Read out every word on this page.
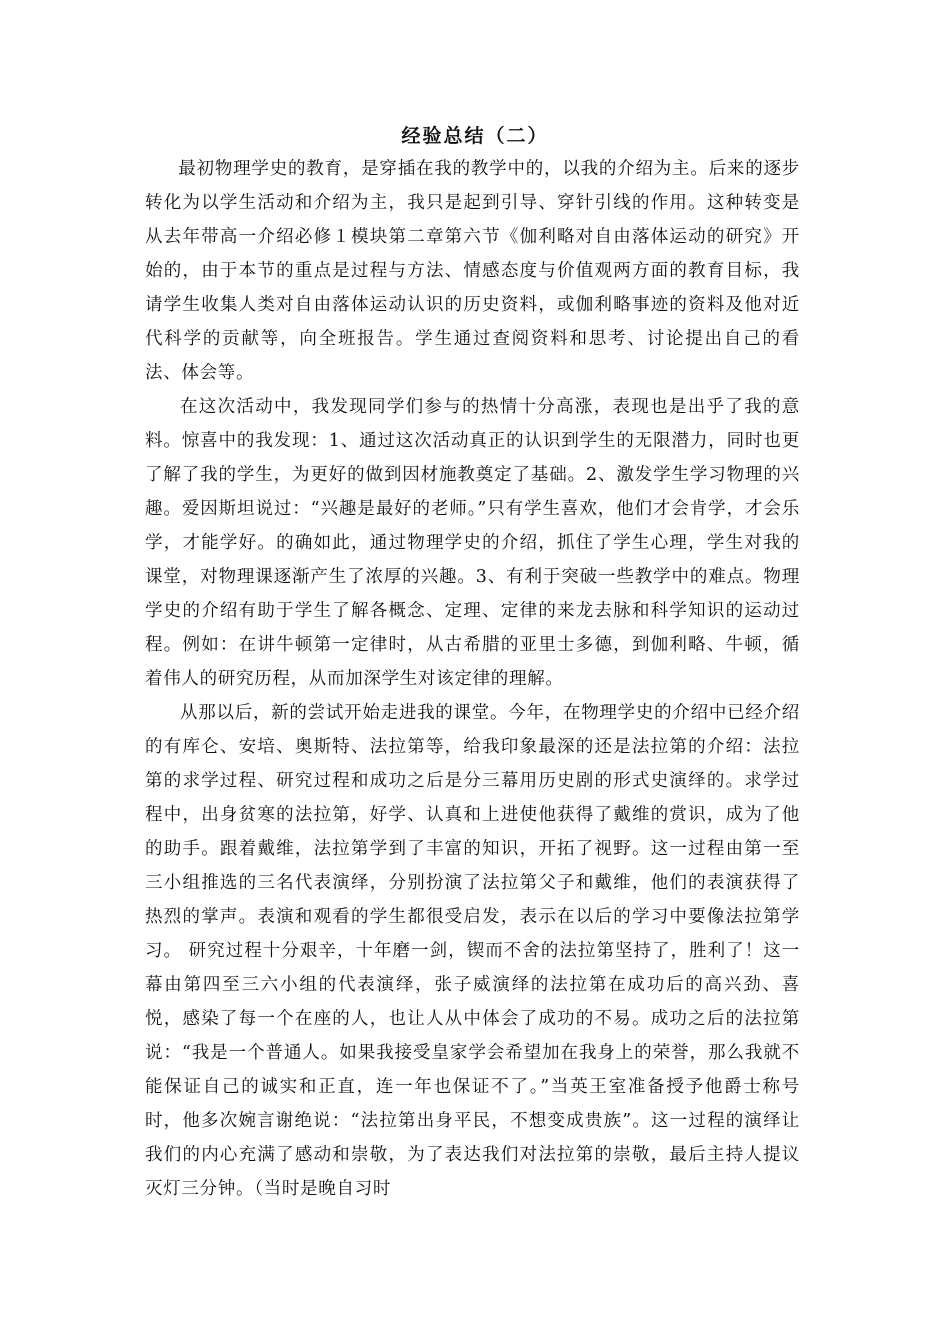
经验总结（二）

最初物理学史的教育，是穿插在我的教学中的，以我的介绍为主。后来的逐步转化为以学生活动和介绍为主，我只是起到引导、穿针引线的作用。这种转变是从去年带高一介绍必修１模块第二章第六节《伽利略对自由落体运动的研究》开始的，由于本节的重点是过程与方法、情感态度与价值观两方面的教育目标，我请学生收集人类对自由落体运动认识的历史资料，或伽利略事迹的资料及他对近代科学的贡献等，向全班报告。学生通过查阅资料和思考、讨论提出自己的看法、体会等。

在这次活动中，我发现同学们参与的热情十分高涨，表现也是出乎了我的意料。惊喜中的我发现：1、通过这次活动真正的认识到学生的无限潜力，同时也更了解了我的学生，为更好的做到因材施教奠定了基础。2、激发学生学习物理的兴趣。爱因斯坦说过：“兴趣是最好的老师。”只有学生喜欢，他们才会肯学，才会乐学，才能学好。的确如此，通过物理学史的介绍，抓住了学生心理，学生对我的课堂，对物理课逐渐产生了浓厚的兴趣。3、有利于突破一些教学中的难点。物理学史的介绍有助于学生了解各概念、定理、定律的来龙去脉和科学知识的运动过程。例如：在讲牛顿第一定律时，从古希腊的亚里士多德，到伽利略、牛顿，循着伟人的研究历程，从而加深学生对该定律的理解。

从那以后，新的尝试开始走进我的课堂。今年，在物理学史的介绍中已经介绍的有库仑、安培、奥斯特、法拉第等，给我印象最深的还是法拉第的介绍：法拉第的求学过程、研究过程和成功之后是分三幕用历史剧的形式史演绎的。求学过程中，出身贫寒的法拉第，好学、认真和上进使他获得了戴维的赏识，成为了他的助手。跟着戴维，法拉第学到了丰富的知识，开拓了视野。这一过程由第一至三小组推选的三名代表演绎，分别扮演了法拉第父子和戴维，他们的表演获得了热烈的掌声。表演和观看的学生都很受启发，表示在以后的学习中要像法拉第学习。 研究过程十分艰辛，十年磨一剑，锲而不舍的法拉第坚持了，胜利了！这一幕由第四至三六小组的代表演绎，张子威演绎的法拉第在成功后的高兴劲、喜悦，感染了每一个在座的人，也让人从中体会了成功的不易。成功之后的法拉第说：“我是一个普通人。如果我接受皇家学会希望加在我身上的荣誉，那么我就不能保证自己的诚实和正直，连一年也保证不了。”当英王室准备授予他爵士称号时，他多次婉言谢绝说：“法拉第出身平民，不想变成贵族”。这一过程的演绎让我们的内心充满了感动和崇敬，为了表达我们对法拉第的崇敬，最后主持人提议灭灯三分钟。（当时是晚自习时
